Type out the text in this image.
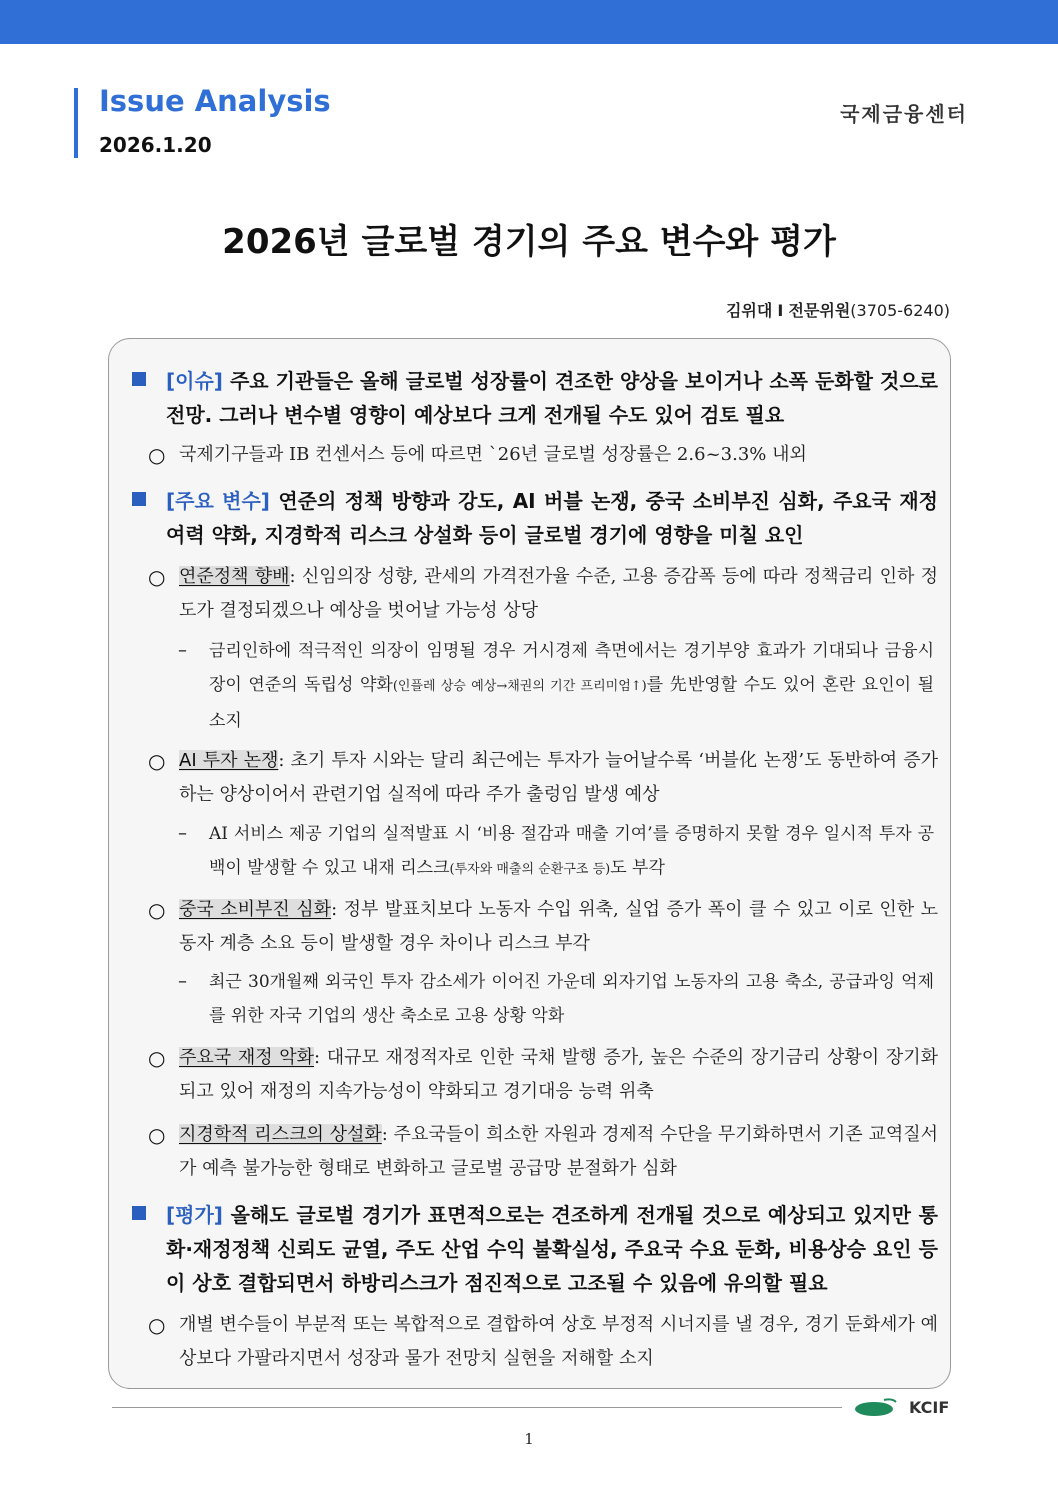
Issue Analysis
2026.1.20
국제금융센터
2026년 글로벌 경기의 주요 변수와 평가
김위대 Ⅰ 전문위원(3705-6240)
[이슈] 주요 기관들은 올해 글로벌 성장률이 견조한 양상을 보이거나 소폭 둔화할 것으로 전망. 그러나 변수별 영향이 예상보다 크게 전개될 수도 있어 검토 필요
○ 국제기구들과 IB 컨센서스 등에 따르면 `26년 글로벌 성장률은 2.6~3.3% 내외
[주요 변수] 연준의 정책 방향과 강도, AI 버블 논쟁, 중국 소비부진 심화, 주요국 재정여력 약화, 지경학적 리스크 상설화 등이 글로벌 경기에 영향을 미칠 요인
○ 연준정책 향배: 신임의장 성향, 관세의 가격전가율 수준, 고용 증감폭 등에 따라 정책금리 인하 정도가 결정되겠으나 예상을 벗어날 가능성 상당
– 금리인하에 적극적인 의장이 임명될 경우 거시경제 측면에서는 경기부양 효과가 기대되나 금융시장이 연준의 독립성 약화(인플레 상승 예상→채권의 기간 프리미엄↑)를 先반영할 수도 있어 혼란 요인이 될 소지
○ AI 투자 논쟁: 초기 투자 시와는 달리 최근에는 투자가 늘어날수록 ‘버블化 논쟁’도 동반하여 증가하는 양상이어서 관련기업 실적에 따라 주가 출렁임 발생 예상
– AI 서비스 제공 기업의 실적발표 시 ‘비용 절감과 매출 기여’를 증명하지 못할 경우 일시적 투자 공백이 발생할 수 있고 내재 리스크(투자와 매출의 순환구조 등)도 부각
○ 중국 소비부진 심화: 정부 발표치보다 노동자 수입 위축, 실업 증가 폭이 클 수 있고 이로 인한 노동자 계층 소요 등이 발생할 경우 차이나 리스크 부각
– 최근 30개월째 외국인 투자 감소세가 이어진 가운데 외자기업 노동자의 고용 축소, 공급과잉 억제를 위한 자국 기업의 생산 축소로 고용 상황 악화
○ 주요국 재정 악화: 대규모 재정적자로 인한 국채 발행 증가, 높은 수준의 장기금리 상황이 장기화되고 있어 재정의 지속가능성이 약화되고 경기대응 능력 위축
○ 지경학적 리스크의 상설화: 주요국들이 희소한 자원과 경제적 수단을 무기화하면서 기존 교역질서가 예측 불가능한 형태로 변화하고 글로벌 공급망 분절화가 심화
[평가] 올해도 글로벌 경기가 표면적으로는 견조하게 전개될 것으로 예상되고 있지만 통화·재정정책 신뢰도 균열, 주도 산업 수익 불확실성, 주요국 수요 둔화, 비용상승 요인 등이 상호 결합되면서 하방리스크가 점진적으로 고조될 수 있음에 유의할 필요
○ 개별 변수들이 부분적 또는 복합적으로 결합하여 상호 부정적 시너지를 낼 경우, 경기 둔화세가 예상보다 가팔라지면서 성장과 물가 전망치 실현을 저해할 소지
KCIF
1
